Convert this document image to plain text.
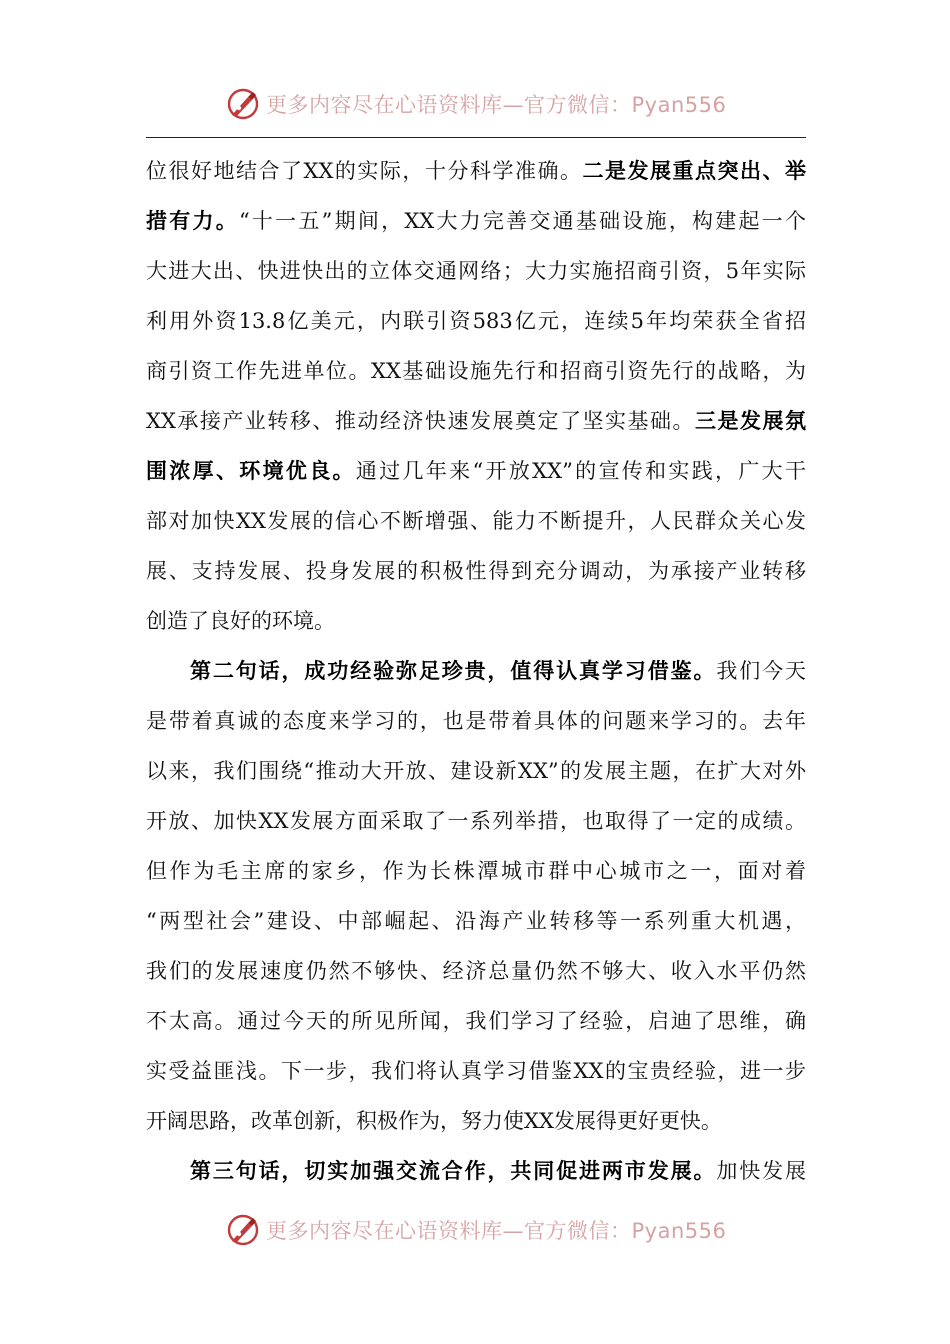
更多内容尽在心语资料库—官方微信：Pyan556
位很好地结合了XX的实际，十分科学准确。二是发展重点突出、举
措有力。“十一五”期间，XX大力完善交通基础设施，构建起一个
大进大出、快进快出的立体交通网络；大力实施招商引资，5年实际
利用外资13.8亿美元，内联引资583亿元，连续5年均荣获全省招
商引资工作先进单位。XX基础设施先行和招商引资先行的战略，为
XX承接产业转移、推动经济快速发展奠定了坚实基础。三是发展氛
围浓厚、环境优良。通过几年来“开放XX”的宣传和实践，广大干
部对加快XX发展的信心不断增强、能力不断提升，人民群众关心发
展、支持发展、投身发展的积极性得到充分调动，为承接产业转移
创造了良好的环境。
第二句话，成功经验弥足珍贵，值得认真学习借鉴。我们今天
是带着真诚的态度来学习的，也是带着具体的问题来学习的。去年
以来，我们围绕“推动大开放、建设新XX”的发展主题，在扩大对外
开放、加快XX发展方面采取了一系列举措，也取得了一定的成绩。
但作为毛主席的家乡，作为长株潭城市群中心城市之一，面对着
“两型社会”建设、中部崛起、沿海产业转移等一系列重大机遇，
我们的发展速度仍然不够快、经济总量仍然不够大、收入水平仍然
不太高。通过今天的所见所闻，我们学习了经验，启迪了思维，确
实受益匪浅。下一步，我们将认真学习借鉴XX的宝贵经验，进一步
开阔思路，改革创新，积极作为，努力使XX发展得更好更快。
第三句话，切实加强交流合作，共同促进两市发展。加快发展
更多内容尽在心语资料库—官方微信：Pyan556
